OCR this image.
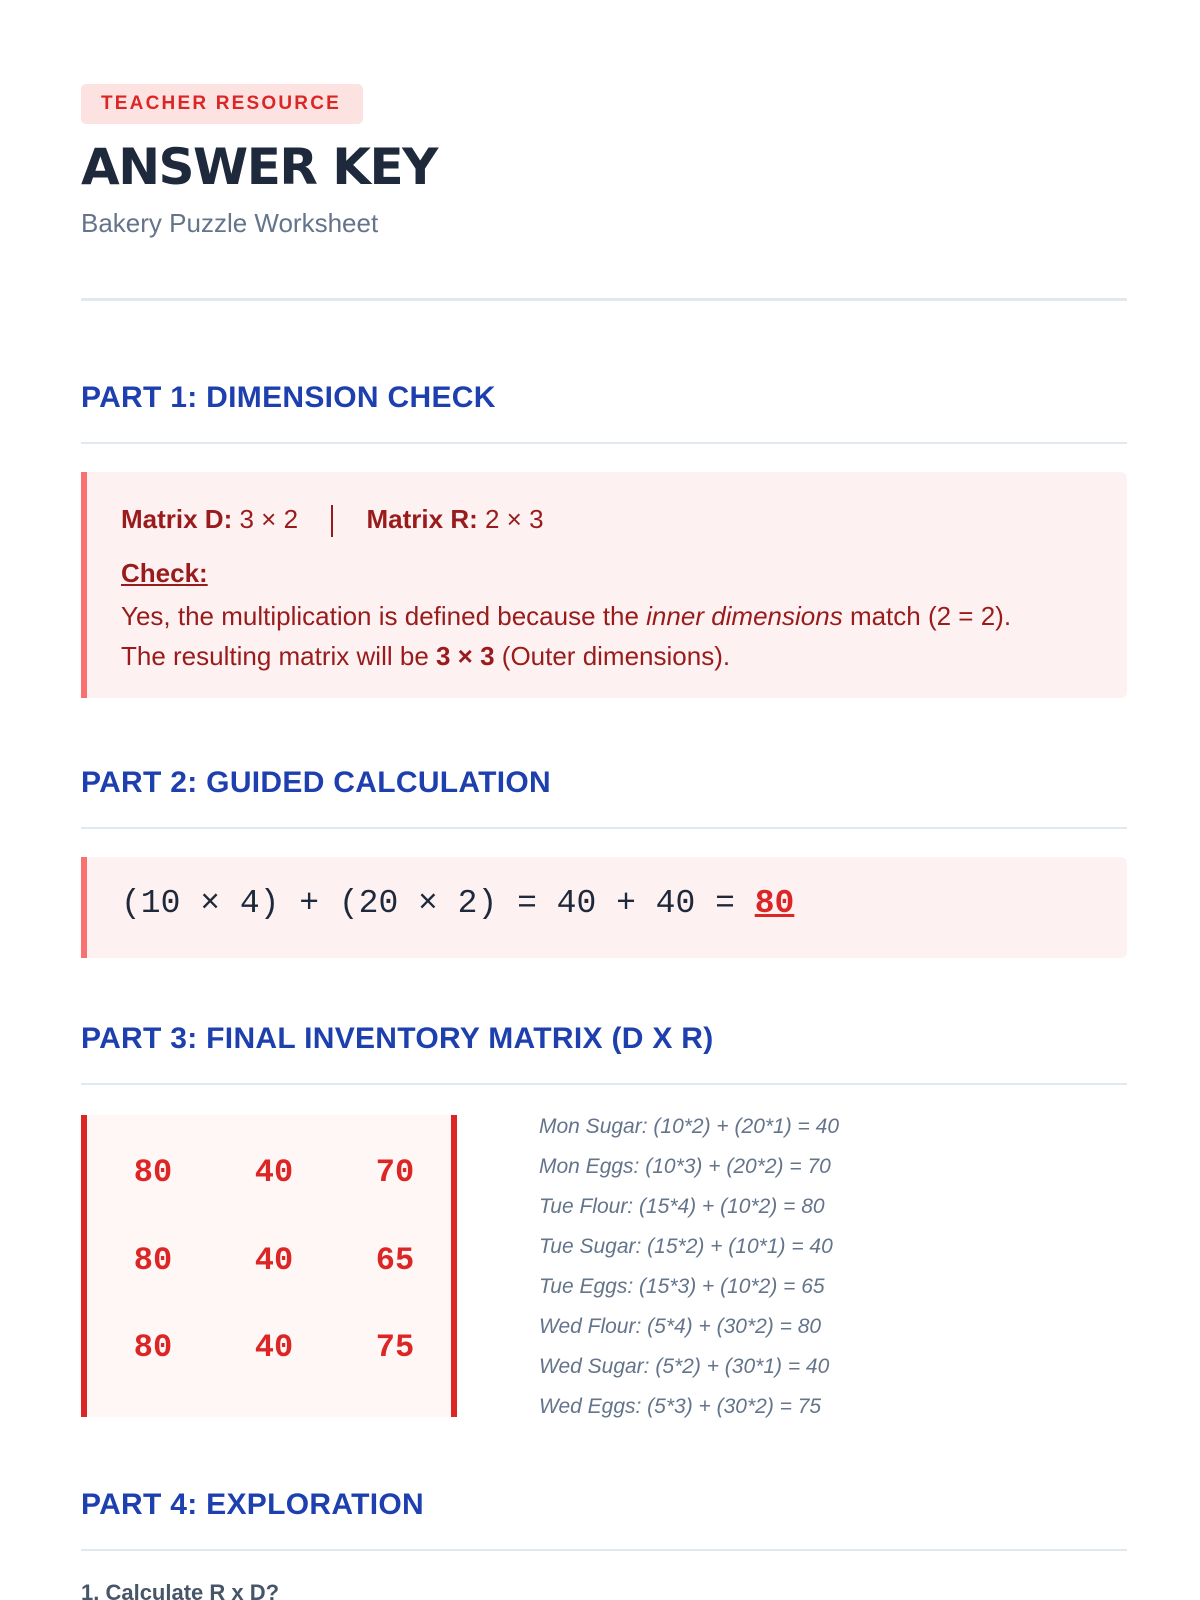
TEACHER RESOURCE
ANSWER KEY
Bakery Puzzle Worksheet
PART 1: DIMENSION CHECK
Matrix D: 3 × 2	Matrix R: 2 × 3
Check:
Yes, the multiplication is defined because the inner dimensions match (2 = 2).
The resulting matrix will be 3 × 3 (Outer dimensions).
PART 2: GUIDED CALCULATION
(10 × 4) + (20 × 2) = 40 + 40 = 80
PART 3: FINAL INVENTORY MATRIX (D X R)
80	40	70
80	40	65
80	40	75
Mon Sugar: (10*2) + (20*1) = 40
Mon Eggs: (10*3) + (20*2) = 70
Tue Flour: (15*4) + (10*2) = 80
Tue Sugar: (15*2) + (10*1) = 40
Tue Eggs: (15*3) + (10*2) = 65
Wed Flour: (5*4) + (30*2) = 80
Wed Sugar: (5*2) + (30*1) = 40
Wed Eggs: (5*3) + (30*2) = 75
PART 4: EXPLORATION
1. Calculate R x D?
